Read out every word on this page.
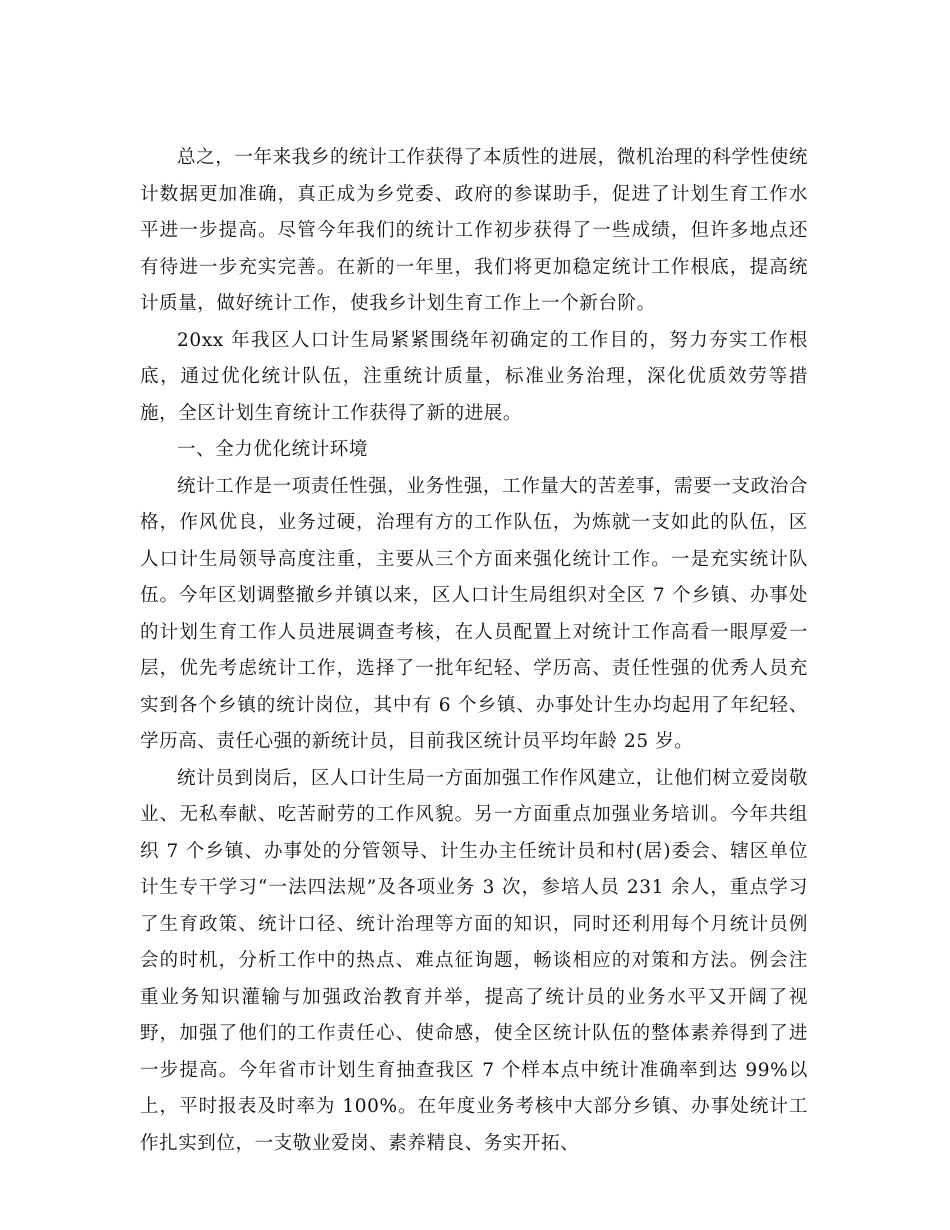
总之，一年来我乡的统计工作获得了本质性的进展，微机治理的科学性使统计数据更加准确，真正成为乡党委、政府的参谋助手，促进了计划生育工作水平进一步提高。尽管今年我们的统计工作初步获得了一些成绩，但许多地点还有待进一步充实完善。在新的一年里，我们将更加稳定统计工作根底，提高统计质量，做好统计工作，使我乡计划生育工作上一个新台阶。

20xx 年我区人口计生局紧紧围绕年初确定的工作目的，努力夯实工作根底，通过优化统计队伍，注重统计质量，标准业务治理，深化优质效劳等措施，全区计划生育统计工作获得了新的进展。

一、全力优化统计环境

统计工作是一项责任性强，业务性强，工作量大的苦差事，需要一支政治合格，作风优良，业务过硬，治理有方的工作队伍，为炼就一支如此的队伍，区人口计生局领导高度注重，主要从三个方面来强化统计工作。一是充实统计队伍。今年区划调整撤乡并镇以来，区人口计生局组织对全区 7 个乡镇、办事处的计划生育工作人员进展调查考核，在人员配置上对统计工作高看一眼厚爱一层，优先考虑统计工作，选择了一批年纪轻、学历高、责任性强的优秀人员充实到各个乡镇的统计岗位，其中有 6 个乡镇、办事处计生办均起用了年纪轻、学历高、责任心强的新统计员，目前我区统计员平均年龄 25 岁。

统计员到岗后，区人口计生局一方面加强工作作风建立，让他们树立爱岗敬业、无私奉献、吃苦耐劳的工作风貌。另一方面重点加强业务培训。今年共组织 7 个乡镇、办事处的分管领导、计生办主任统计员和村(居)委会、辖区单位计生专干学习“一法四法规”及各项业务 3 次，参培人员 231 余人，重点学习了生育政策、统计口径、统计治理等方面的知识，同时还利用每个月统计员例会的时机，分析工作中的热点、难点征询题，畅谈相应的对策和方法。例会注重业务知识灌输与加强政治教育并举，提高了统计员的业务水平又开阔了视野，加强了他们的工作责任心、使命感，使全区统计队伍的整体素养得到了进一步提高。今年省市计划生育抽查我区 7 个样本点中统计准确率到达 99%以上，平时报表及时率为 100%。在年度业务考核中大部分乡镇、办事处统计工作扎实到位，一支敬业爱岗、素养精良、务实开拓、
